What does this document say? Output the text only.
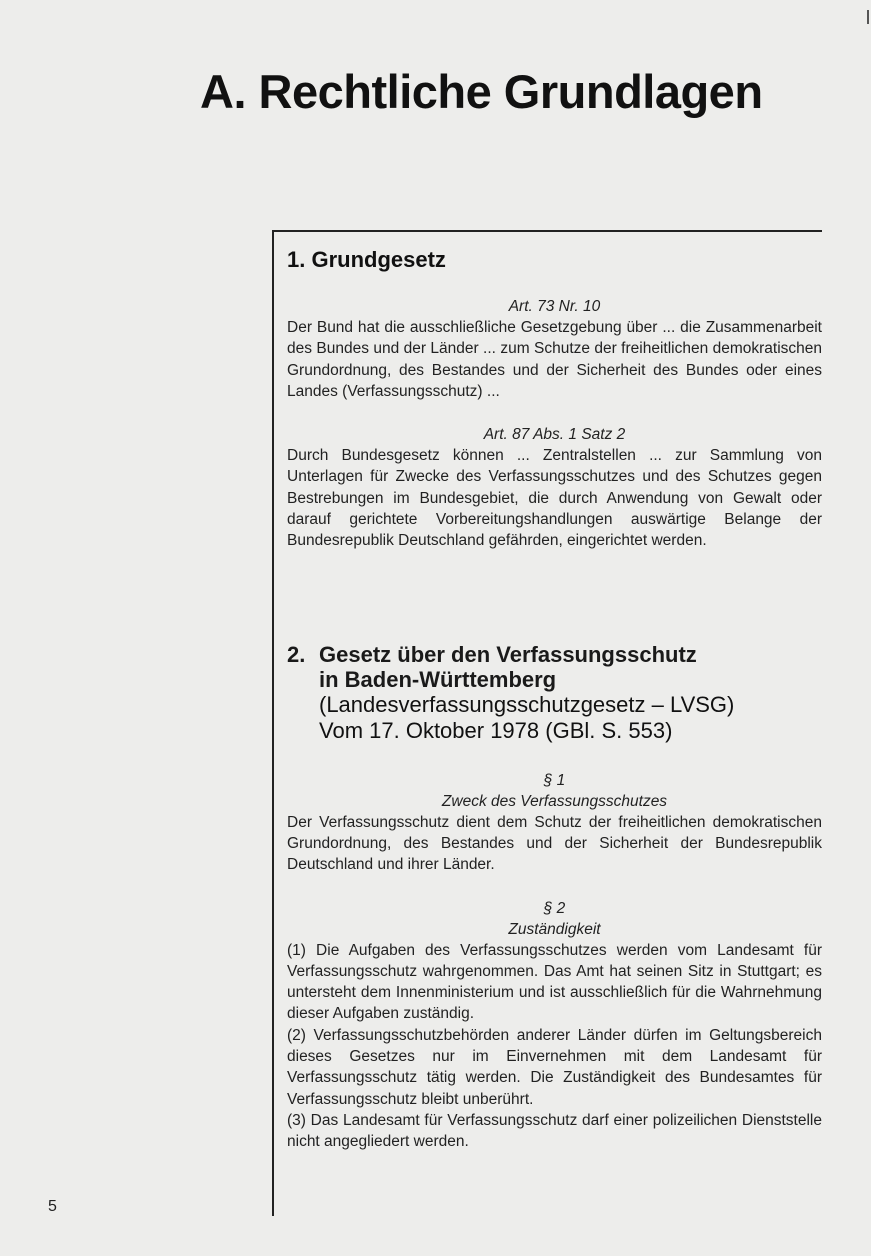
A. Rechtliche Grundlagen
1. Grundgesetz
Art. 73 Nr. 10

Der Bund hat die ausschließliche Gesetzgebung über ... die Zusammenarbeit des Bundes und der Länder ... zum Schutze der freiheitlichen demokratischen Grundordnung, des Bestandes und der Sicherheit des Bundes oder eines Landes (Verfassungsschutz) ...

Art. 87 Abs. 1 Satz 2

Durch Bundesgesetz können ... Zentralstellen ... zur Sammlung von Unterlagen für Zwecke des Verfassungsschutzes und des Schutzes gegen Bestrebungen im Bundesgebiet, die durch Anwendung von Gewalt oder darauf gerichtete Vorbereitungshandlungen auswärtige Belange der Bundesrepublik Deutschland gefährden, eingerichtet werden.

2. Gesetz über den Verfassungsschutz
in Baden-Württemberg
(Landesverfassungsschutzgesetz – LVSG)
Vom 17. Oktober 1978 (GBl. S. 553)
§ 1
Zweck des Verfassungsschutzes

Der Verfassungsschutz dient dem Schutz der freiheitlichen demokratischen Grundordnung, des Bestandes und der Sicherheit der Bundesrepublik Deutschland und ihrer Länder.

§ 2
Zuständigkeit

(1) Die Aufgaben des Verfassungsschutzes werden vom Landesamt für Verfassungsschutz wahrgenommen. Das Amt hat seinen Sitz in Stuttgart; es untersteht dem Innenministerium und ist ausschließlich für die Wahrnehmung dieser Aufgaben zuständig.

(2) Verfassungsschutzbehörden anderer Länder dürfen im Geltungsbereich dieses Gesetzes nur im Einvernehmen mit dem Landesamt für Verfassungsschutz tätig werden. Die Zuständigkeit des Bundesamtes für Verfassungsschutz bleibt unberührt.

(3) Das Landesamt für Verfassungsschutz darf einer polizeilichen Dienststelle nicht angegliedert werden.

5
